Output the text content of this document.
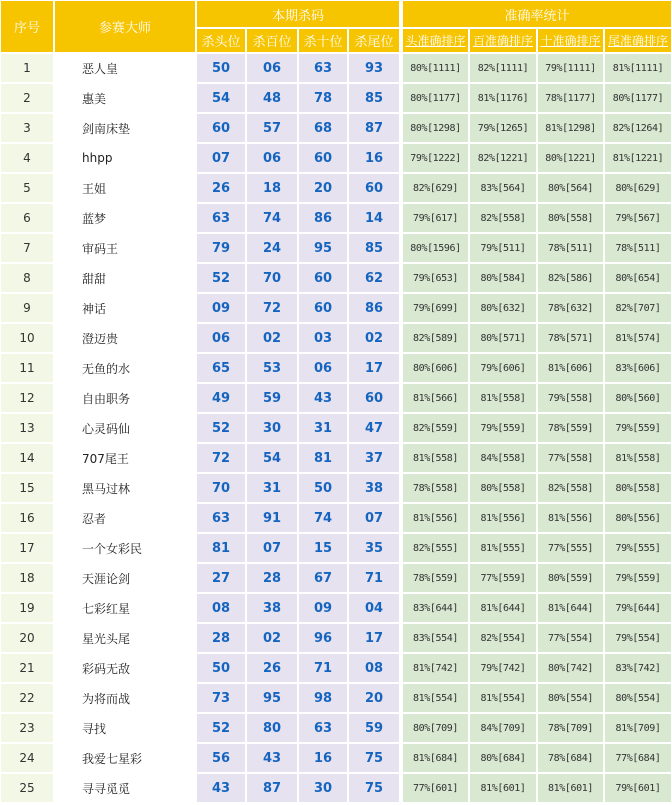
序号	参赛大师
本期杀码	准确率统计
杀头位 杀百位 杀十位 杀尾位 头准确排序 百准确排序 十准确排序 尾准确排序
1	恶人皇	50	06	63	93	80%[1111]	82%[1111]	79%[1111]	81%[1111]
2	惠美	54	48	78	85	80%[1177]	81%[1176]	78%[1177]	80%[1177]
3	剑南床垫	60	57	68	87	80%[1298]	79%[1265]	81%[1298]	82%[1264]
4	hhpp	07	06	60	16	79%[1222]	82%[1221]	80%[1221]	81%[1221]
5	王姐	26	18	20	60	82%[629]	83%[564]	80%[564]	80%[629]
6	蓝梦	63	74	86	14	79%[617]	82%[558]	80%[558]	79%[567]
7	审码王	79	24	95	85	80%[1596]	79%[511]	78%[511]	78%[511]
8	甜甜	52	70	60	62	79%[653]	80%[584]	82%[586]	80%[654]
9	神话	09	72	60	86	79%[699]	80%[632]	78%[632]	82%[707]
10	澄迈贵	06	02	03	02	82%[589]	80%[571]	78%[571]	81%[574]
11	无鱼的水	65	53	06	17	80%[606]	79%[606]	81%[606]	83%[606]
12	自由职务	49	59	43	60	81%[566]	81%[558]	79%[558]	80%[560]
13	心灵码仙	52	30	31	47	82%[559]	79%[559]	78%[559]	79%[559]
14	707尾王	72	54	81	37	81%[558]	84%[558]	77%[558]	81%[558]
15	黑马过林	70	31	50	38	78%[558]	80%[558]	82%[558]	80%[558]
16	忍者	63	91	74	07	81%[556]	81%[556]	81%[556]	80%[556]
17	一个女彩民	81	07	15	35	82%[555]	81%[555]	77%[555]	79%[555]
18	天涯论剑	27	28	67	71	78%[559]	77%[559]	80%[559]	79%[559]
19	七彩红星	08	38	09	04	83%[644]	81%[644]	81%[644]	79%[644]
20	星光头尾	28	02	96	17	83%[554]	82%[554]	77%[554]	79%[554]
21	彩码无敌	50	26	71	08	81%[742]	79%[742]	80%[742]	83%[742]
22	为将而战	73	95	98	20	81%[554]	81%[554]	80%[554]	80%[554]
23	寻找	52	80	63	59	80%[709]	84%[709]	78%[709]	81%[709]
24	我爱七星彩	56	43	16	75	81%[684]	80%[684]	78%[684]	77%[684]
25	寻寻觅觅	43	87	30	75	77%[601]	81%[601]	81%[601]	79%[601]
